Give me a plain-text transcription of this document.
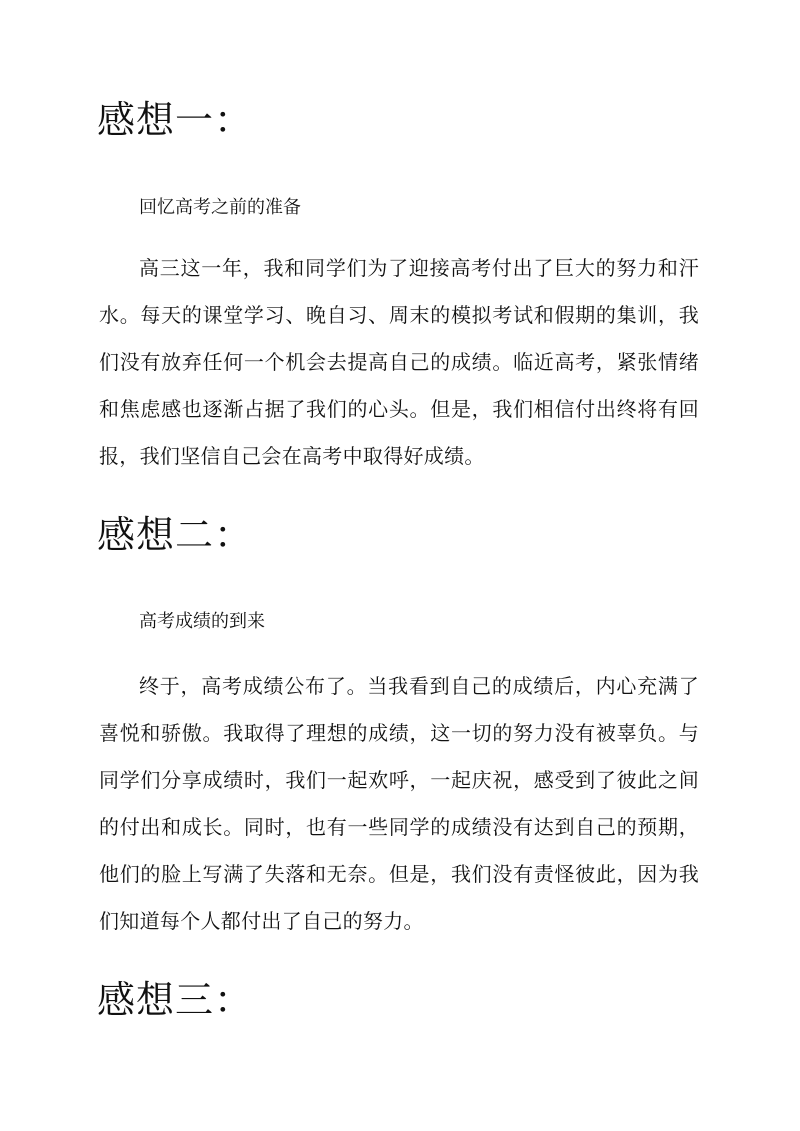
感想一：

回忆高考之前的准备

高三这一年，我和同学们为了迎接高考付出了巨大的努力和汗水。每天的课堂学习、晚自习、周末的模拟考试和假期的集训，我们没有放弃任何一个机会去提高自己的成绩。临近高考，紧张情绪和焦虑感也逐渐占据了我们的心头。但是，我们相信付出终将有回报，我们坚信自己会在高考中取得好成绩。

感想二：

高考成绩的到来

终于，高考成绩公布了。当我看到自己的成绩后，内心充满了喜悦和骄傲。我取得了理想的成绩，这一切的努力没有被辜负。与同学们分享成绩时，我们一起欢呼，一起庆祝，感受到了彼此之间的付出和成长。同时，也有一些同学的成绩没有达到自己的预期，他们的脸上写满了失落和无奈。但是，我们没有责怪彼此，因为我们知道每个人都付出了自己的努力。

感想三：
